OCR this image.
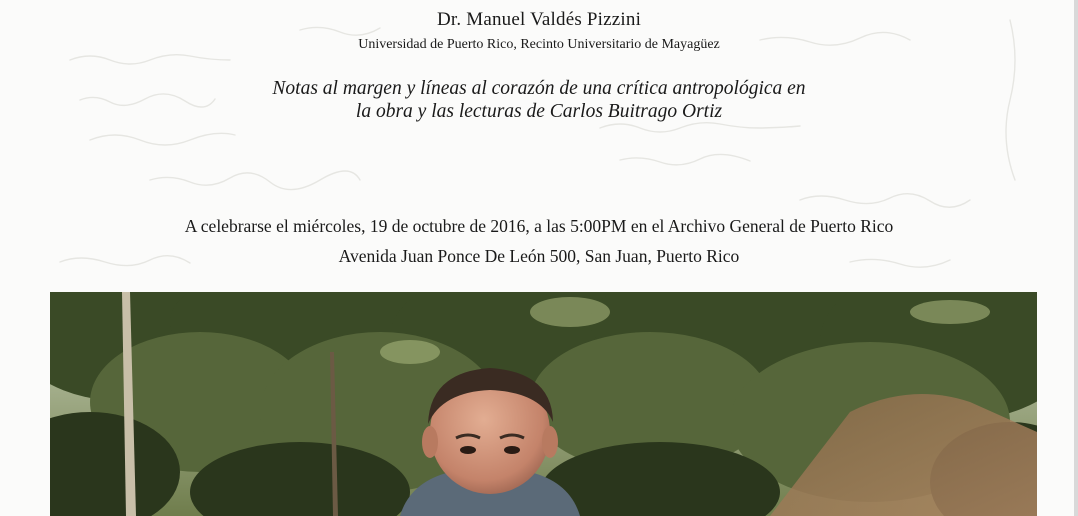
Dr. Manuel Valdés Pizzini
Universidad de Puerto Rico, Recinto Universitario de Mayagüez
Notas al margen y líneas al corazón de una crítica antropológica en
la obra y las lecturas de Carlos Buitrago Ortiz
A celebrarse el miércoles, 19 de octubre de 2016, a las 5:00PM en el Archivo General de Puerto Rico
Avenida Juan Ponce De León 500, San Juan, Puerto Rico
